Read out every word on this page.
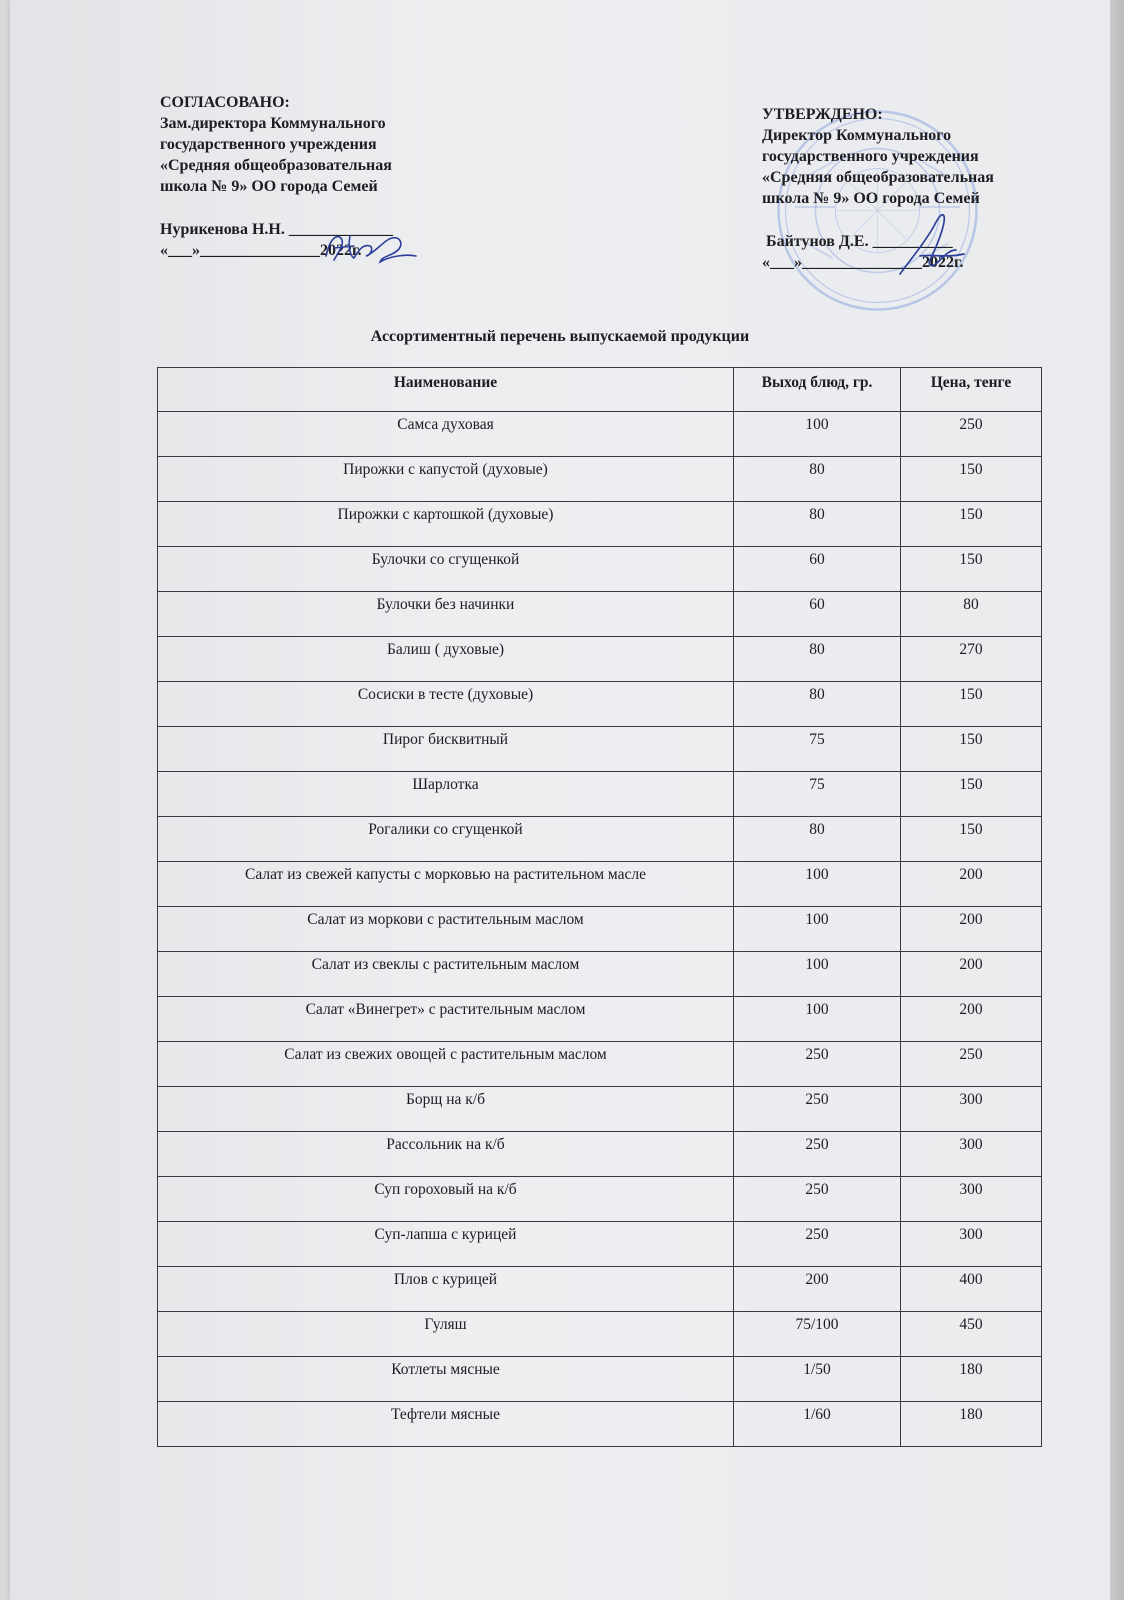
СОГЛАСОВАНО:
Зам.директора Коммунального
государственного учреждения
«Средняя общеобразовательная
школа № 9» ОО города Семей
Нурикенова Н.Н. _____________
«___»_______________2022г.
УТВЕРЖДЕНО:
Директор Коммунального
государственного учреждения
«Средняя общеобразовательная
школа № 9» ОО города Семей
Байтунов Д.Е. __________
«___»_______________2022г.
Ассортиментный перечень выпускаемой продукции
Наименование	Выход блюд, гр.	Цена, тенге
Самса духовая	100	250
Пирожки с капустой (духовые)	80	150
Пирожки с картошкой (духовые)	80	150
Булочки со сгущенкой	60	150
Булочки без начинки	60	80
Балиш ( духовые)	80	270
Сосиски в тесте (духовые)	80	150
Пирог бисквитный	75	150
Шарлотка	75	150
Рогалики со сгущенкой	80	150
Салат из свежей капусты с морковью на растительном масле	100	200
Салат из моркови с растительным маслом	100	200
Салат из свеклы с растительным маслом	100	200
Салат «Винегрет» с растительным маслом	100	200
Салат из свежих овощей с растительным маслом	250	250
Борщ на к/б	250	300
Рассольник на к/б	250	300
Суп гороховый на к/б	250	300
Суп-лапша с курицей	250	300
Плов с курицей	200	400
Гуляш	75/100	450
Котлеты мясные	1/50	180
Тефтели мясные	1/60	180
